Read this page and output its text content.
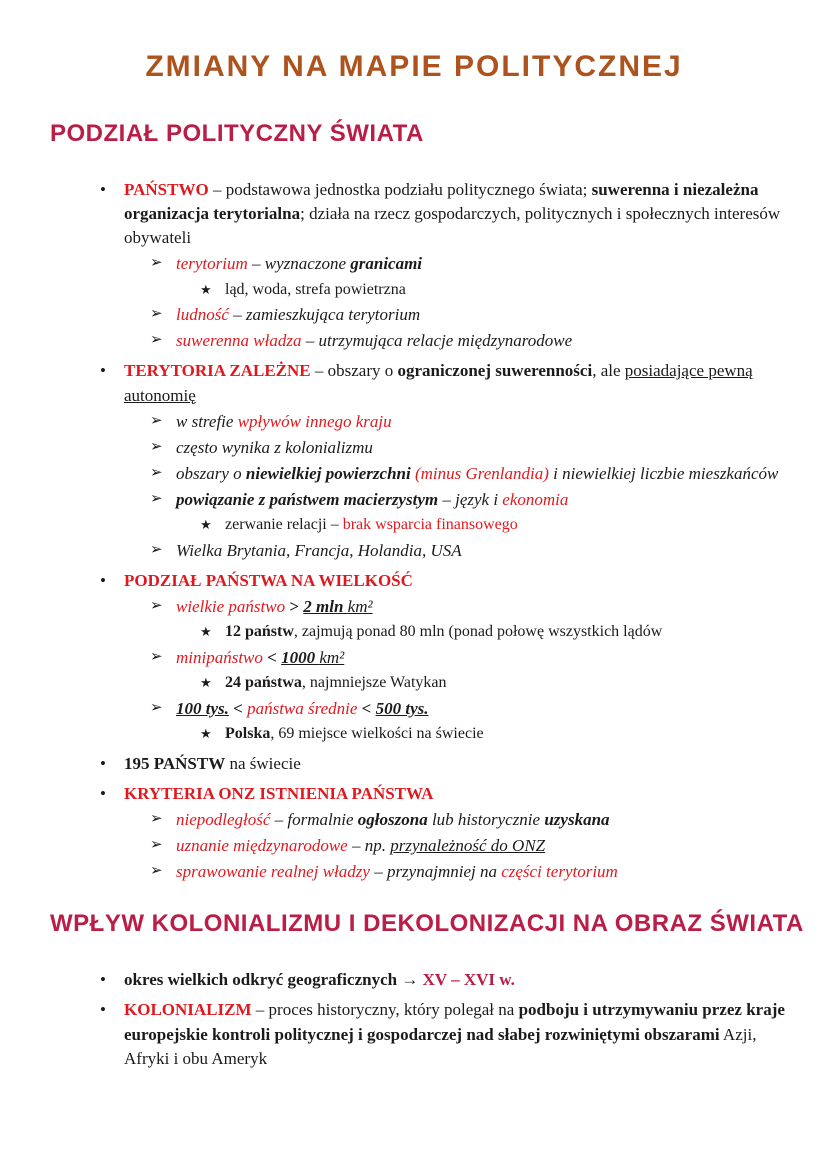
ZMIANY NA MAPIE POLITYCZNEJ
PODZIAŁ POLITYCZNY ŚWIATA
•	PAŃSTWO – podstawowa jednostka podziału politycznego świata; suwerenna i niezależna organizacja terytorialna; działa na rzecz gospodarczych, politycznych i społecznych interesów obywateli
➢ terytorium – wyznaczone granicami
★ ląd, woda, strefa powietrzna
➢ ludność – zamieszkująca terytorium
➢ suwerenna władza – utrzymująca relacje międzynarodowe
•	TERYTORIA ZALEŻNE – obszary o ograniczonej suwerenności, ale posiadające pewną autonomię
➢ w strefie wpływów innego kraju
➢ często wynika z kolonializmu
➢ obszary o niewielkiej powierzchni (minus Grenlandia) i niewielkiej liczbie mieszkańców
➢ powiązanie z państwem macierzystym – język i ekonomia
★ zerwanie relacji – brak wsparcia finansowego
➢ Wielka Brytania, Francja, Holandia, USA
•	PODZIAŁ PAŃSTWA NA WIELKOŚĆ
➢ wielkie państwo > 2 mln km²
★ 12 państw, zajmują ponad 80 mln (ponad połowę wszystkich lądów
➢ minipaństwo < 1000 km²
★ 24 państwa, najmniejsze Watykan
➢ 100 tys. < państwa średnie < 500 tys.
★ Polska, 69 miejsce wielkości na świecie
•	195 PAŃSTW na świecie
•	KRYTERIA ONZ ISTNIENIA PAŃSTWA
➢ niepodległość – formalnie ogłoszona lub historycznie uzyskana
➢ uznanie międzynarodowe – np. przynależność do ONZ
➢ sprawowanie realnej władzy – przynajmniej na części terytorium
WPŁYW KOLONIALIZMU I DEKOLONIZACJI NA OBRAZ ŚWIATA
•	okres wielkich odkryć geograficznych → XV – XVI w.
•	KOLONIALIZM – proces historyczny, który polegał na podboju i utrzymywaniu przez kraje europejskie kontroli politycznej i gospodarczej nad słabej rozwiniętymi obszarami Azji, Afryki i obu Ameryk
